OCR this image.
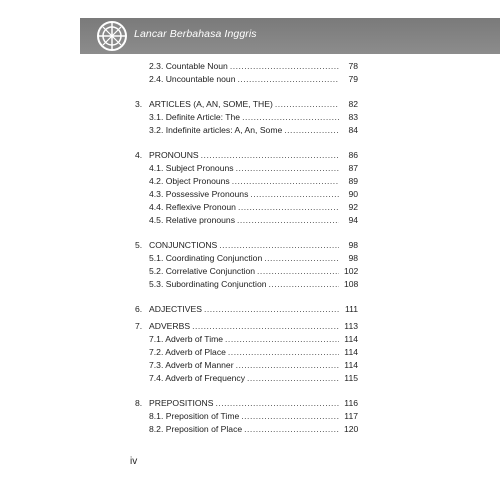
Lancar Berbahasa Inggris
2.3. Countable Noun .....	78
2.4. Uncountable noun .....	79
3. ARTICLES (A, AN, SOME, THE) .....	82
3.1. Definite Article: The .....	83
3.2. Indefinite articles: A, An, Some .....	84
4. PRONOUNS .....	86
4.1. Subject Pronouns .....	87
4.2. Object Pronouns .....	89
4.3. Possessive Pronouns .....	90
4.4. Reflexive Pronoun .....	92
4.5. Relative pronouns .....	94
5. CONJUNCTIONS .....	98
5.1. Coordinating Conjunction .....	98
5.2. Correlative Conjunction .....	102
5.3. Subordinating Conjunction .....	108
6. ADJECTIVES .....	111
7. ADVERBS .....	113
7.1. Adverb of Time .....	114
7.2. Adverb of Place .....	114
7.3. Adverb of Manner .....	114
7.4. Adverb of Frequency .....	115
8. PREPOSITIONS .....	116
8.1. Preposition of Time .....	117
8.2. Preposition of Place .....	120
iv
